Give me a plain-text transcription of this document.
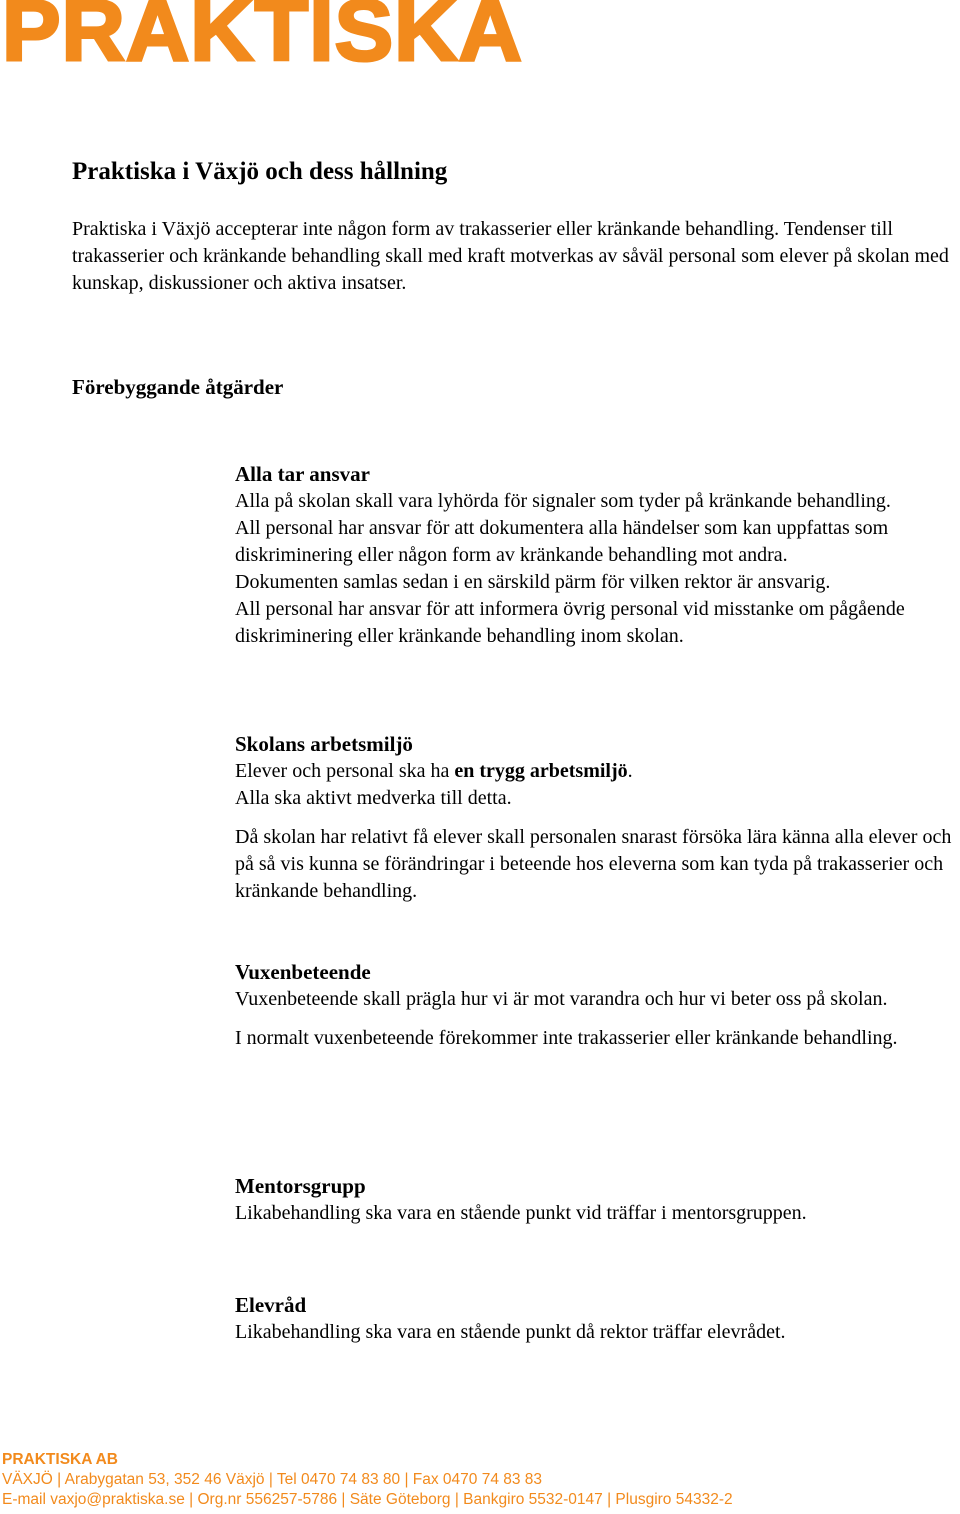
PRAKTISKA
Praktiska i Växjö och dess hållning

Praktiska i Växjö accepterar inte någon form av trakasserier eller kränkande behandling. Tendenser till trakasserier och kränkande behandling skall med kraft motverkas av såväl personal som elever på skolan med kunskap, diskussioner och aktiva insatser.

Förebyggande åtgärder
Alla tar ansvar

Alla på skolan skall vara lyhörda för signaler som tyder på kränkande behandling.

All personal har ansvar för att dokumentera alla händelser som kan uppfattas som diskriminering eller någon form av kränkande behandling mot andra.

Dokumenten samlas sedan i en särskild pärm för vilken rektor är ansvarig.

All personal har ansvar för att informera övrig personal vid misstanke om pågående diskriminering eller kränkande behandling inom skolan.

Skolans arbetsmiljö

Elever och personal ska ha en trygg arbetsmiljö.

Alla ska aktivt medverka till detta.

Då skolan har relativt få elever skall personalen snarast försöka lära känna alla elever och på så vis kunna se förändringar i beteende hos eleverna som kan tyda på trakasserier och kränkande behandling.

Vuxenbeteende

Vuxenbeteende skall prägla hur vi är mot varandra och hur vi beter oss på skolan.

I normalt vuxenbeteende förekommer inte trakasserier eller kränkande behandling.

Mentorsgrupp

Likabehandling ska vara en stående punkt vid träffar i mentorsgruppen.

Elevråd

Likabehandling ska vara en stående punkt då rektor träffar elevrådet.

PRAKTISKA AB
VÄXJÖ | Arabygatan 53, 352 46 Växjö | Tel 0470 74 83 80 | Fax 0470 74 83 83
E-mail vaxjo@praktiska.se | Org.nr 556257-5786 | Säte Göteborg | Bankgiro 5532-0147 | Plusgiro 54332-2
